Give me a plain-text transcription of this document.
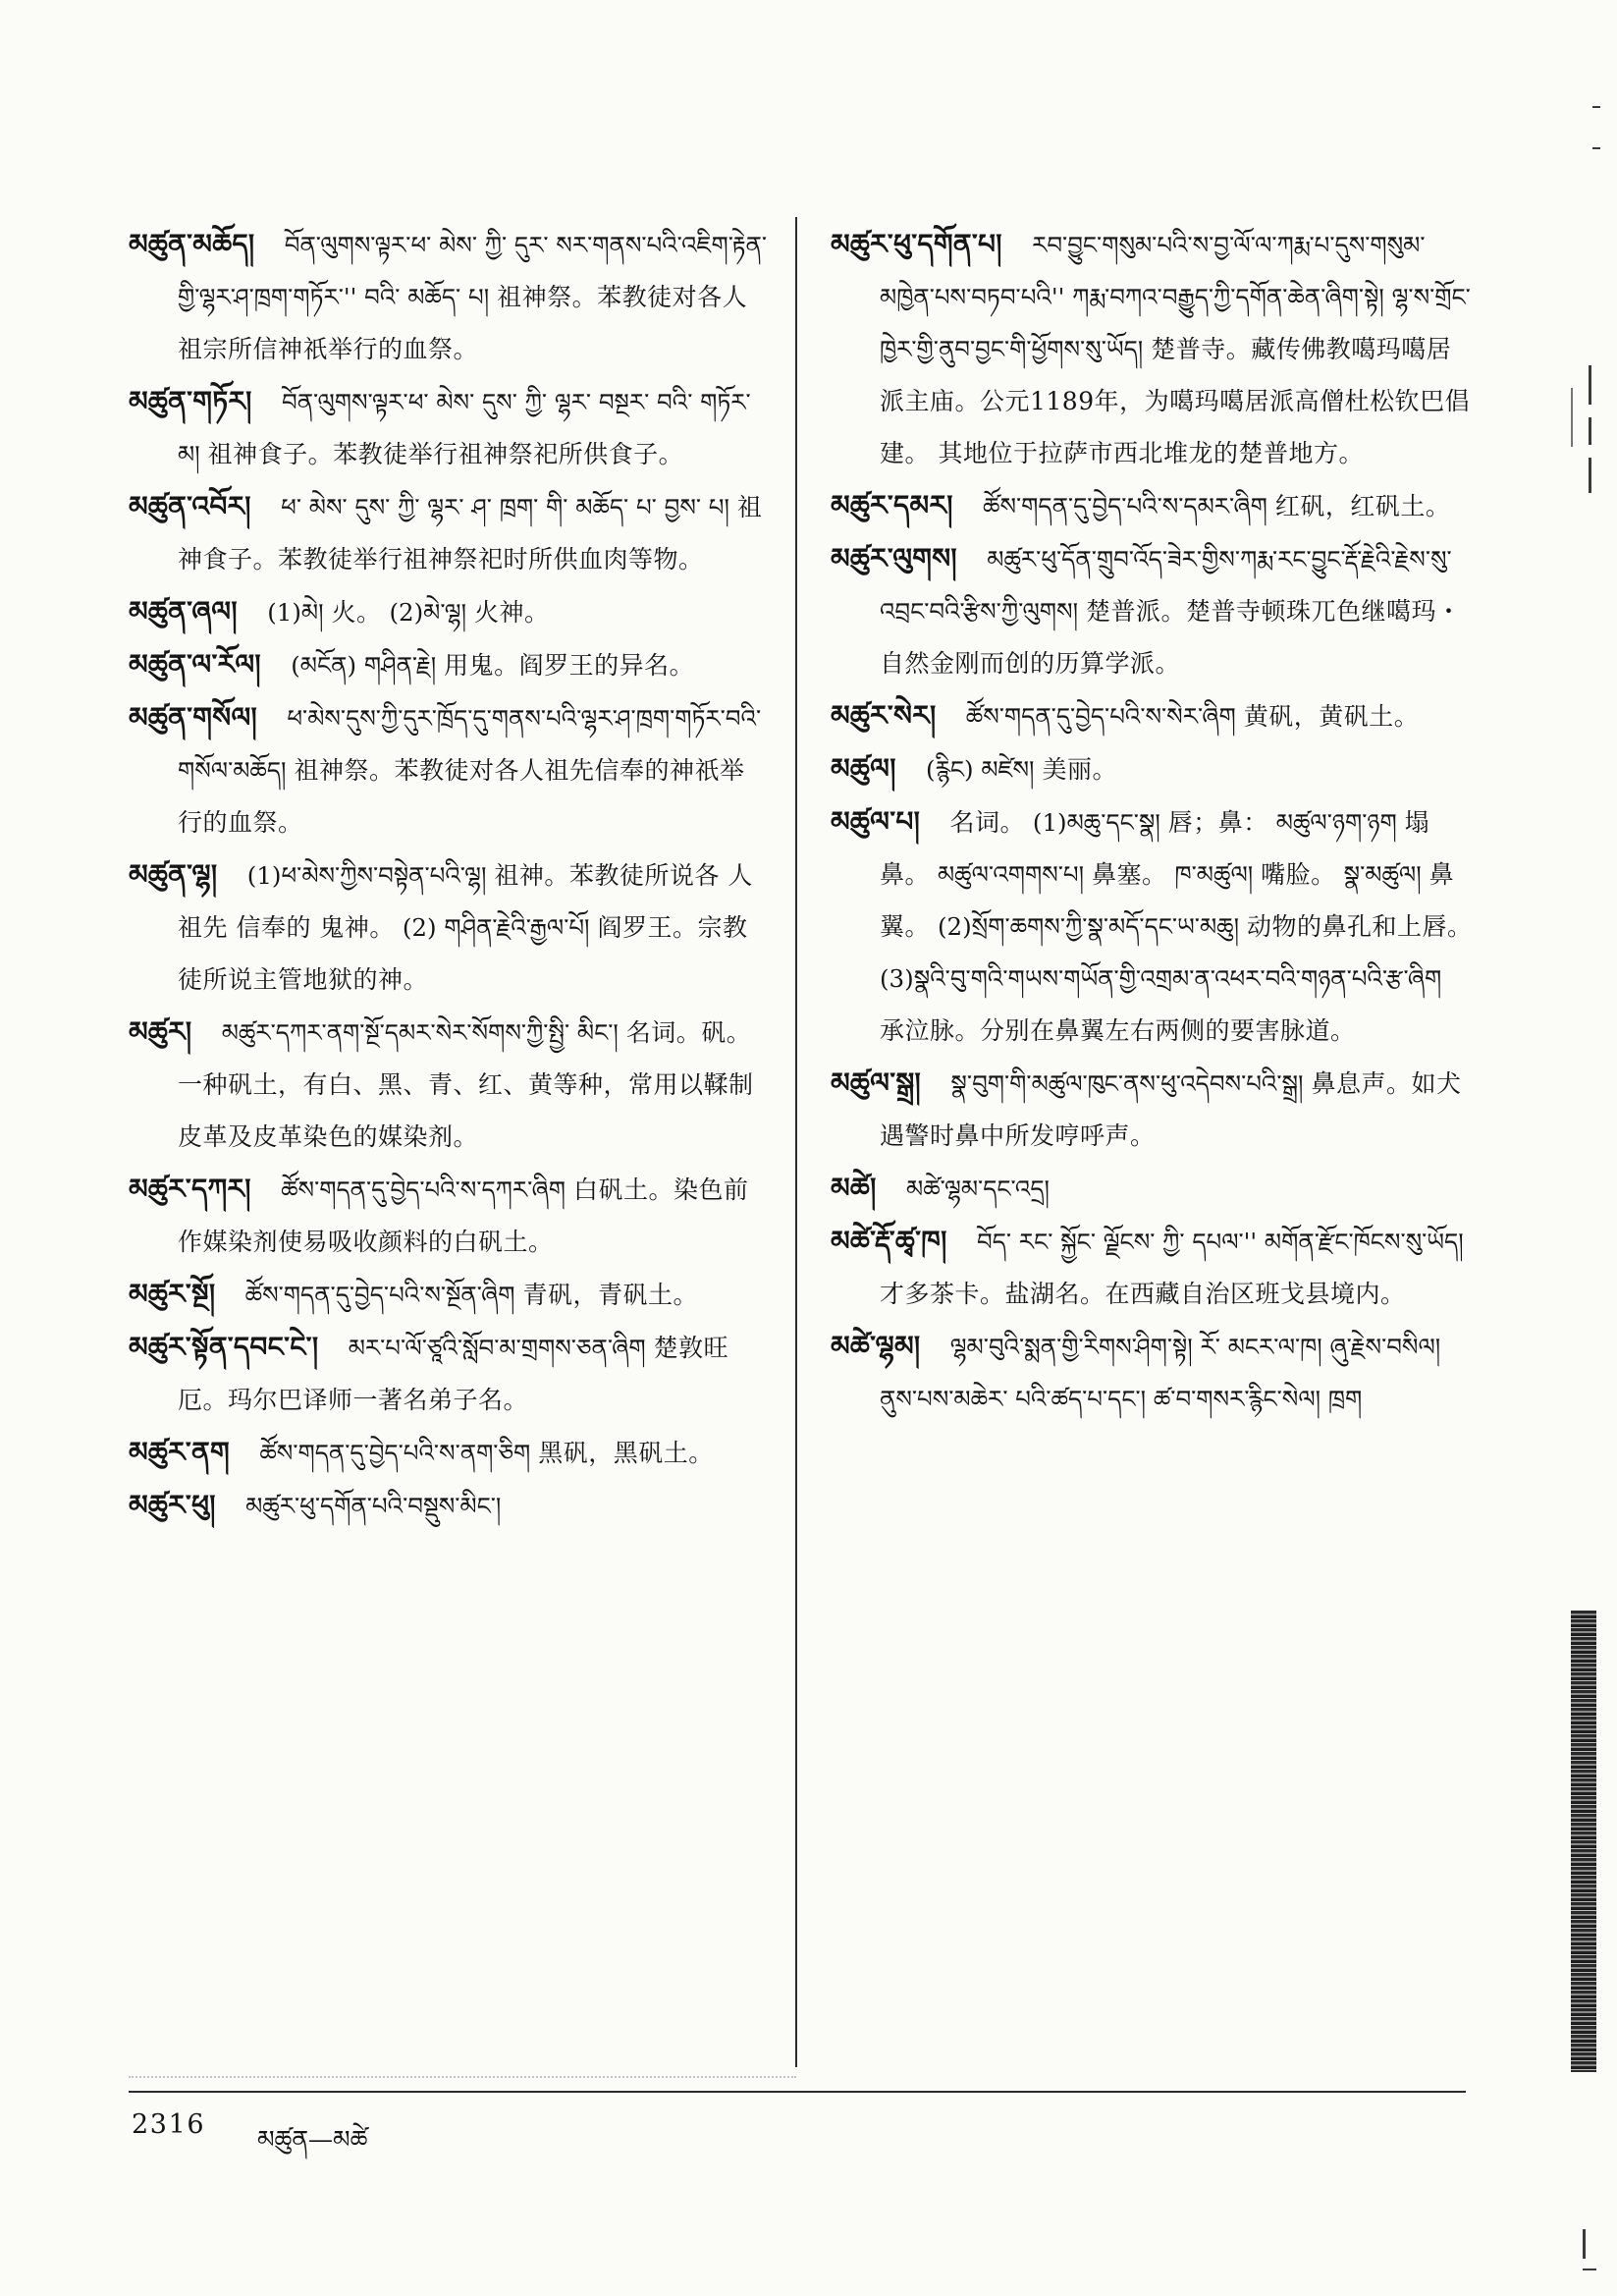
མཚུན་མཆོད། བོན་ལུགས་ལྟར་ཕ་ མེས་ ཀྱི་ དུར་ སར་གནས་པའི་འཇིག་རྟེན་གྱི་ལྷར་ཤ་ཁྲག་གཏོར་'' བའི་ མཆོད་ པ། 祖神祭。苯教徒对各人祖宗所信神祇举行的血祭。

མཚུན་གཏོར། བོན་ལུགས་ལྟར་ཕ་ མེས་ དུས་ ཀྱི་ ལྷར་ བསྔར་ བའི་ གཏོར་ མ། 祖神食子。苯教徒举行祖神祭祀所供食子。

མཚུན་འབོར། ཕ་ མེས་ དུས་ ཀྱི་ ལྷར་ ཤ་ ཁྲག་ གི་ མཆོད་ པ་ བྱས་ པ། 祖神食子。苯教徒举行祖神祭祀时所供血肉等物。

མཚུན་ཞལ། (1)མེ། 火。 (2)མེ་ལྷ། 火神。

མཚུན་ལ་རོལ། (མངོན) གཤིན་རྗེ། 用鬼。阎罗王的异名。

མཚུན་གསོལ། ཕ་མེས་དུས་ཀྱི་དུར་ཁྲོད་དུ་གནས་པའི་ལྷར་ཤ་ཁྲག་གཏོར་བའི་གསོལ་མཆོད། 祖神祭。苯教徒对各人祖先信奉的神祇举行的血祭。

མཚུན་ལྷ། (1)ཕ་མེས་ཀྱིས་བསྟེན་པའི་ལྷ། 祖神。苯教徒所说各 人祖先 信奉的 鬼神。 (2) གཤིན་རྗེའི་རྒྱལ་པོ། 阎罗王。宗教徒所说主管地狱的神。

མཚུར། མཚུར་དཀར་ནག་སྔོ་དམར་སེར་སོགས་ཀྱི་སྤྱི་ མིང་། 名词。矾。一种矾土，有白、黑、青、红、黄等种，常用以鞣制皮革及皮革染色的媒染剂。

མཚུར་དཀར། ཚོས་གདན་དུ་བྱེད་པའི་ས་དཀར་ཞིག 白矾土。染色前作媒染剂使易吸收颜料的白矾土。

མཚུར་སྔོ། ཚོས་གདན་དུ་བྱེད་པའི་ས་སྔོན་ཞིག 青矾，青矾土。

མཚུར་སྟོན་དབང་ངེ་། མར་པ་ལོ་ཙཱའི་སློབ་མ་གྲགས་ཅན་ཞིག 楚敦旺厄。玛尔巴译师一著名弟子名。

མཚུར་ནག ཚོས་གདན་དུ་བྱེད་པའི་ས་ནག་ཅིག 黑矾，黑矾土。

མཚུར་ཕུ། མཚུར་ཕུ་དགོན་པའི་བསྡུས་མིང་།

མཚུར་ཕུ་དགོན་པ། རབ་བྱུང་གསུམ་པའི་ས་བྱ་ལོ་ལ་ཀརྨ་པ་དུས་གསུམ་མཁྱེན་པས་བཏབ་པའི'' ཀརྨ་བཀའ་བརྒྱུད་ཀྱི་དགོན་ཆེན་ཞིག་སྟེ། ལྷ་ས་གྲོང་ཁྱེར་གྱི་ནུབ་བྱང་གི་ཕྱོགས་སུ་ཡོད། 楚普寺。藏传佛教噶玛噶居派主庙。公元1189年，为噶玛噶居派高僧杜松钦巴倡建。 其地位于拉萨市西北堆龙的楚普地方。

མཚུར་དམར། ཚོས་གདན་དུ་བྱེད་པའི་ས་དམར་ཞིག 红矾，红矾土。

མཚུར་ལུགས། མཚུར་ཕུ་དོན་གྲུབ་འོད་ཟེར་གྱིས་ཀརྨ་རང་བྱུང་རྡོ་རྗེའི་རྗེས་སུ་འབྲང་བའི་རྩིས་ཀྱི་ལུགས། 楚普派。楚普寺顿珠兀色继噶玛・自然金刚而创的历算学派。

མཚུར་སེར། ཚོས་གདན་དུ་བྱེད་པའི་ས་སེར་ཞིག 黄矾，黄矾土。

མཚུལ། (རྙིང) མཛེས། 美丽。

མཚུལ་པ། 名词。 (1)མཆུ་དང་སྣ། 唇；鼻： མཚུལ་ཉག་ཉག 塌鼻。 མཚུལ་འགགས་པ། 鼻塞。 ཁ་མཚུལ། 嘴脸。 སྣ་མཚུལ། 鼻翼。 (2)སྲོག་ཆགས་ཀྱི་སྣ་མདོ་དང་ཡ་མཆུ། 动物的鼻孔和上唇。 (3)སྣའི་བུ་གའི་གཡས་གཡོན་གྱི་འགྲམ་ན་འཕར་བའི་གཉན་པའི་རྩ་ཞིག 承泣脉。分别在鼻翼左右两侧的要害脉道。

མཚུལ་སྒྲ། སྣ་བུག་གི་མཚུལ་ཁུང་ནས་ཕུ་འདེབས་པའི་སྒྲ། 鼻息声。如犬遇警时鼻中所发哼呼声。

མཚེ། མཚེ་ལྷམ་དང་འདྲ།

མཚེ་རྡོ་ཚྭ་ཁ། བོད་ རང་ སྐྱོང་ ལྗོངས་ ཀྱི་ དཔལ་'' མགོན་རྫོང་ཁོངས་སུ་ཡོད། 才多茶卡。盐湖名。在西藏自治区班戈县境内。

མཚེ་ལྷམ། ལྷམ་བུའི་སྨན་གྱི་རིགས་ཤིག་སྟེ། རོ་ མངར་ལ་ཁ། ཞུ་རྗེས་བསིལ། ནུས་པས་མཆེར་ པའི་ཚད་པ་དང་། ཚ་བ་གསར་རྙིང་སེལ། ཁྲག

2316 མཚུན—མཚེ
